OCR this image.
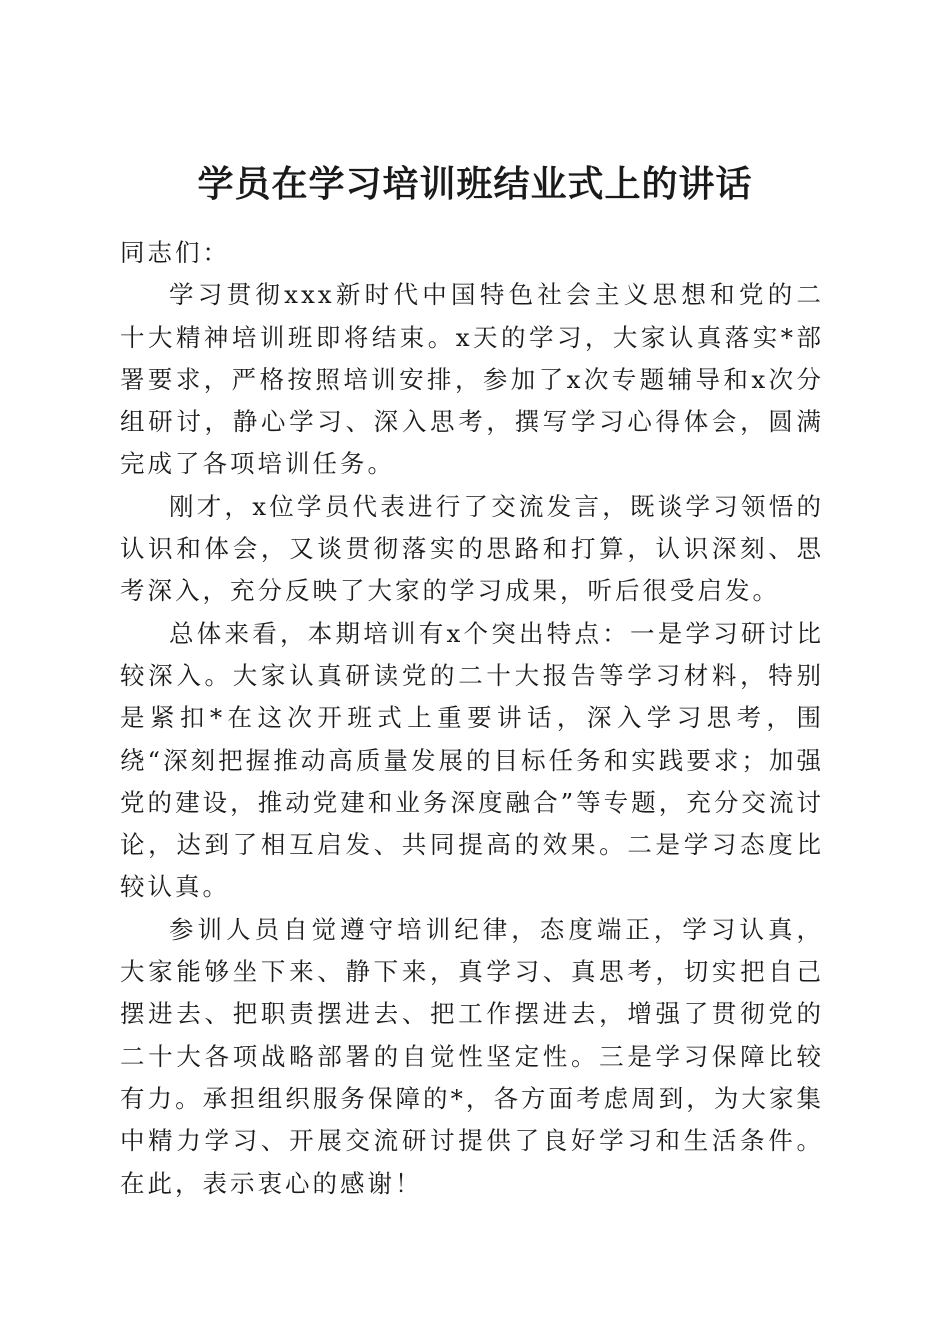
学员在学习培训班结业式上的讲话

同志们：

学习贯彻xxx新时代中国特色社会主义思想和党的二十大精神培训班即将结束。x天的学习，大家认真落实*部署要求，严格按照培训安排，参加了x次专题辅导和x次分组研讨，静心学习、深入思考，撰写学习心得体会，圆满完成了各项培训任务。

刚才，x位学员代表进行了交流发言，既谈学习领悟的认识和体会，又谈贯彻落实的思路和打算，认识深刻、思考深入，充分反映了大家的学习成果，听后很受启发。

总体来看，本期培训有x个突出特点：一是学习研讨比较深入。大家认真研读党的二十大报告等学习材料，特别是紧扣*在这次开班式上重要讲话，深入学习思考，围绕“深刻把握推动高质量发展的目标任务和实践要求；加强党的建设，推动党建和业务深度融合”等专题，充分交流讨论，达到了相互启发、共同提高的效果。二是学习态度比较认真。

参训人员自觉遵守培训纪律，态度端正，学习认真，大家能够坐下来、静下来，真学习、真思考，切实把自己摆进去、把职责摆进去、把工作摆进去，增强了贯彻党的二十大各项战略部署的自觉性坚定性。三是学习保障比较有力。承担组织服务保障的*，各方面考虑周到，为大家集中精力学习、开展交流研讨提供了良好学习和生活条件。在此，表示衷心的感谢！
